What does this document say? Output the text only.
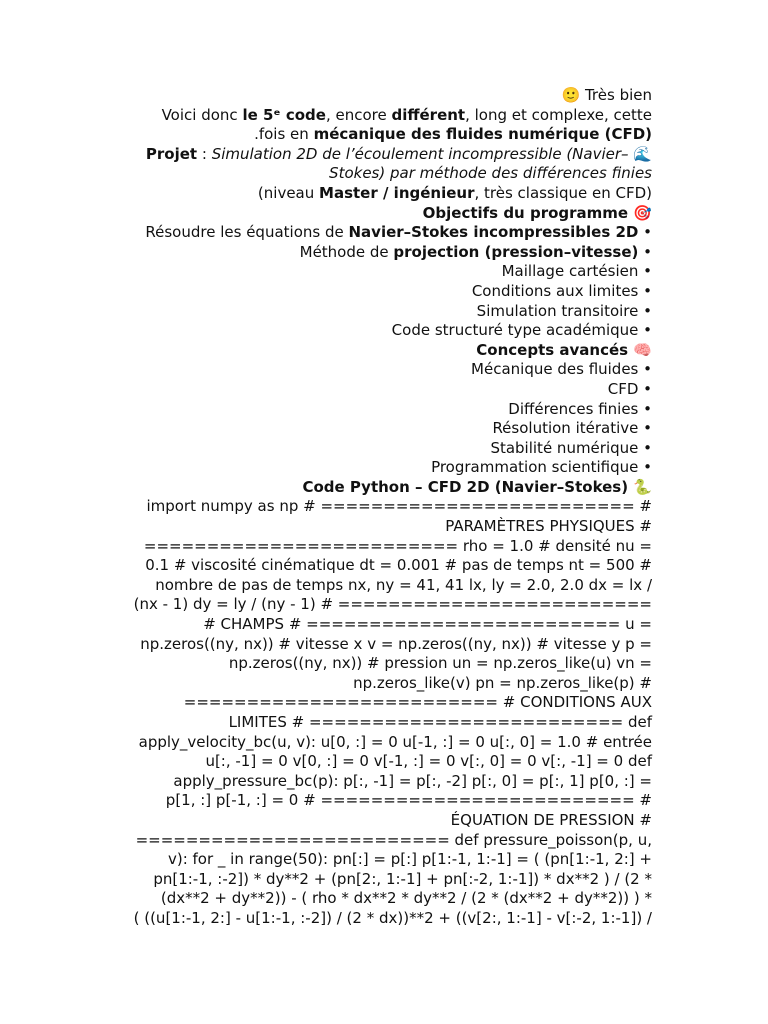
🙂 Très bien
Voici donc le 5ᵉ code, encore différent, long et complexe, cette
.fois en mécanique des fluides numérique (CFD)
Projet : Simulation 2D de l’écoulement incompressible (Navier– 🌊
Stokes) par méthode des différences finies
(niveau Master / ingénieur, très classique en CFD)
Objectifs du programme 🎯
Résoudre les équations de Navier–Stokes incompressibles 2D •
Méthode de projection (pression–vitesse) •
Maillage cartésien •
Conditions aux limites •
Simulation transitoire •
Code structuré type académique •
Concepts avancés 🧠
Mécanique des fluides •
CFD •
Différences finies •
Résolution itérative •
Stabilité numérique •
Programmation scientifique •
Code Python – CFD 2D (Navier–Stokes) 🐍
import numpy as np # ========================= #
PARAMÈTRES PHYSIQUES #
========================= rho = 1.0 # densité nu =
0.1 # viscosité cinématique dt = 0.001 # pas de temps nt = 500 #
nombre de pas de temps nx, ny = 41, 41 lx, ly = 2.0, 2.0 dx = lx /
(nx - 1) dy = ly / (ny - 1) # =========================
# CHAMPS # ========================= u =
np.zeros((ny, nx)) # vitesse x v = np.zeros((ny, nx)) # vitesse y p =
np.zeros((ny, nx)) # pression un = np.zeros_like(u) vn =
np.zeros_like(v) pn = np.zeros_like(p) #
========================= # CONDITIONS AUX
LIMITES # ========================= def
apply_velocity_bc(u, v): u[0, :] = 0 u[-1, :] = 0 u[:, 0] = 1.0 # entrée
u[:, -1] = 0 v[0, :] = 0 v[-1, :] = 0 v[:, 0] = 0 v[:, -1] = 0 def
apply_pressure_bc(p): p[:, -1] = p[:, -2] p[:, 0] = p[:, 1] p[0, :] =
p[1, :] p[-1, :] = 0 # ========================= #
ÉQUATION DE PRESSION #
========================= def pressure_poisson(p, u,
v): for _ in range(50): pn[:] = p[:] p[1:-1, 1:-1] = ( (pn[1:-1, 2:] +
pn[1:-1, :-2]) * dy**2 + (pn[2:, 1:-1] + pn[:-2, 1:-1]) * dx**2 ) / (2 *
(dx**2 + dy**2)) - ( rho * dx**2 * dy**2 / (2 * (dx**2 + dy**2)) ) *
( ((u[1:-1, 2:] - u[1:-1, :-2]) / (2 * dx))**2 + ((v[2:, 1:-1] - v[:-2, 1:-1]) /
